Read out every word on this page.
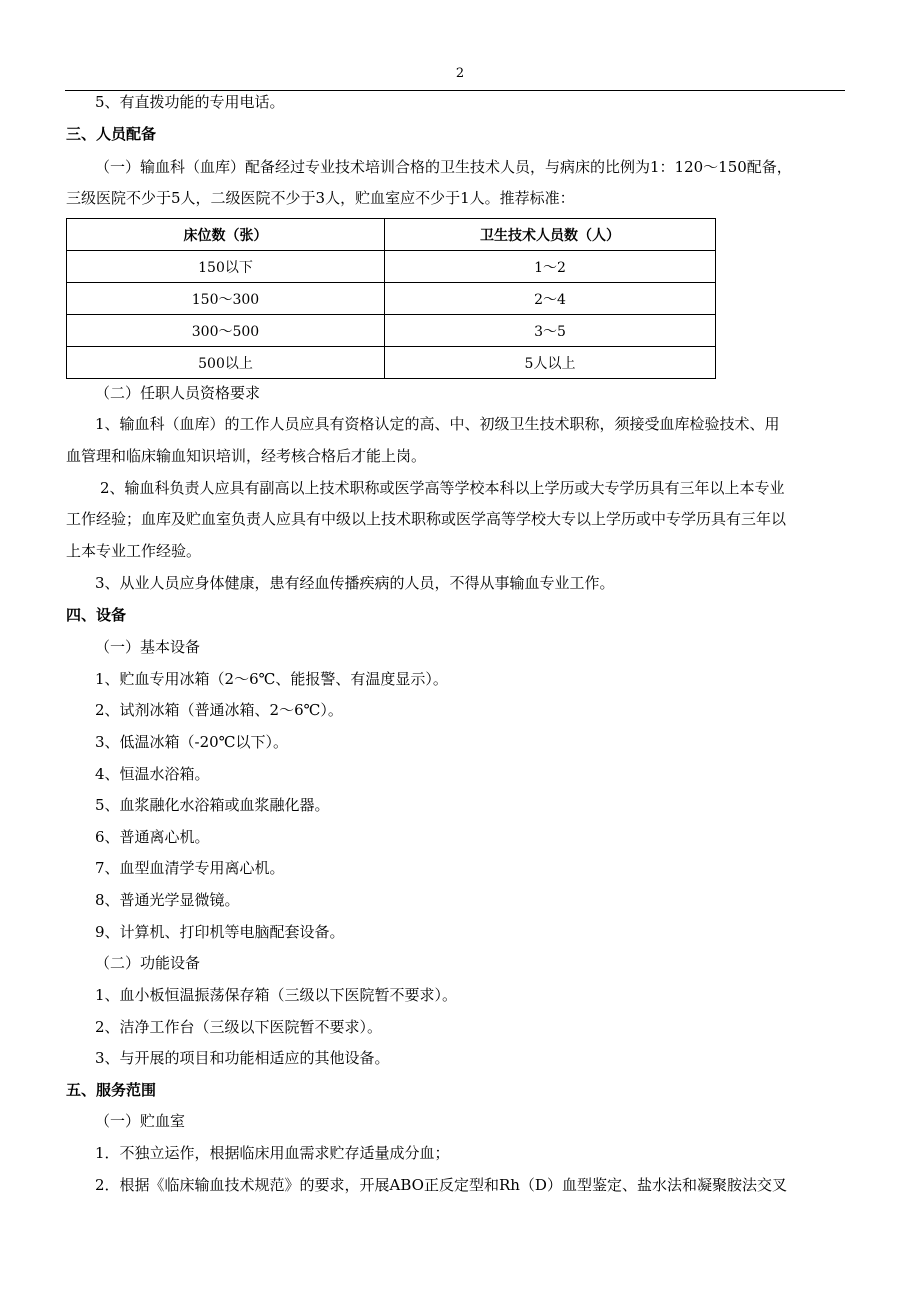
2
5、有直拨功能的专用电话。
三、人员配备
（一）输血科（血库）配备经过专业技术培训合格的卫生技术人员，与病床的比例为1：120～150配备，
三级医院不少于5人，二级医院不少于3人，贮血室应不少于1人。推荐标准：
床位数（张）	卫生技术人员数（人）
150以下	1～2
150～300	2～4
300～500	3～5
500以上	5人以上
（二）任职人员资格要求
1、输血科（血库）的工作人员应具有资格认定的高、中、初级卫生技术职称，须接受血库检验技术、用
血管理和临床输血知识培训，经考核合格后才能上岗。
2、输血科负责人应具有副高以上技术职称或医学高等学校本科以上学历或大专学历具有三年以上本专业
工作经验；血库及贮血室负责人应具有中级以上技术职称或医学高等学校大专以上学历或中专学历具有三年以
上本专业工作经验。
3、从业人员应身体健康，患有经血传播疾病的人员，不得从事输血专业工作。
四、设备
（一）基本设备
1、贮血专用冰箱（2～6℃、能报警、有温度显示）。
2、试剂冰箱（普通冰箱、2～6℃）。
3、低温冰箱（-20℃以下）。
4、恒温水浴箱。
5、血浆融化水浴箱或血浆融化器。
6、普通离心机。
7、血型血清学专用离心机。
8、普通光学显微镜。
9、计算机、打印机等电脑配套设备。
（二）功能设备
1、血小板恒温振荡保存箱（三级以下医院暂不要求）。
2、洁净工作台（三级以下医院暂不要求）。
3、与开展的项目和功能相适应的其他设备。
五、服务范围
（一）贮血室
1．不独立运作，根据临床用血需求贮存适量成分血；
2．根据《临床输血技术规范》的要求，开展ABO正反定型和Rh（D）血型鉴定、盐水法和凝聚胺法交叉
